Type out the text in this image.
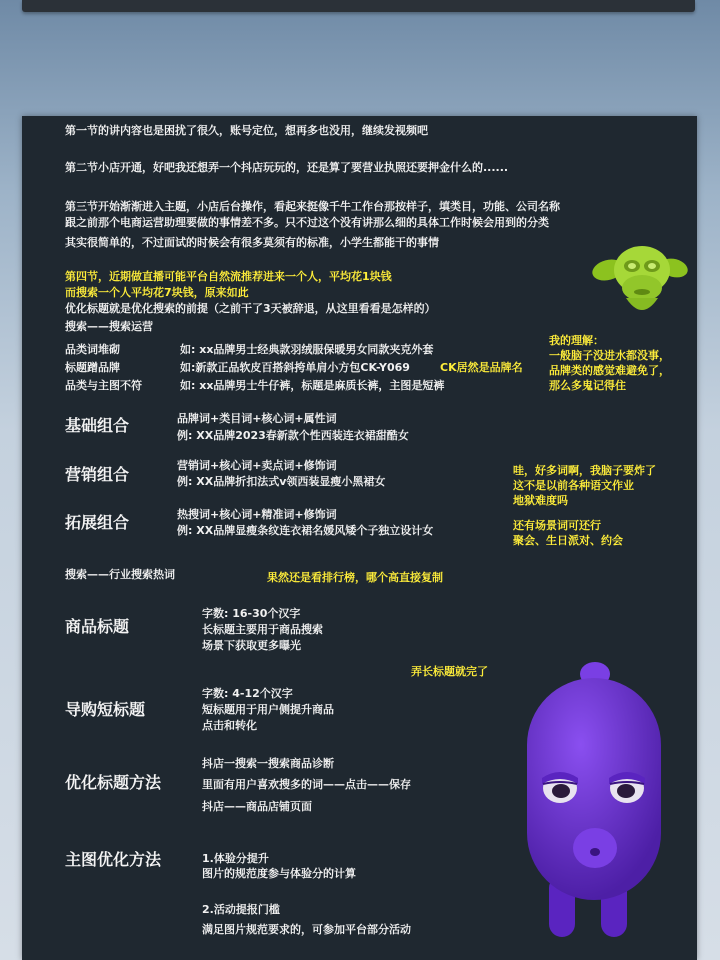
第一节的讲内容也是困扰了很久，账号定位，想再多也没用，继续发视频吧
第二节小店开通，好吧我还想弄一个抖店玩玩的，还是算了要营业执照还要押金什么的......
第三节开始渐渐进入主题，小店后台操作，看起来挺像千牛工作台那按样子，填类目，功能、公司名称
跟之前那个电商运营助理要做的事情差不多。只不过这个没有讲那么细的具体工作时候会用到的分类
其实很简单的，不过面试的时候会有很多莫须有的标准，小学生都能干的事情
第四节，近期做直播可能平台自然流推荐进来一个人，平均花1块钱
而搜索一个人平均花7块钱，原来如此
优化标题就是优化搜索的前提（之前干了3天被辞退，从这里看看是怎样的）
搜索——搜索运营
品类词堆砌	如: xx品牌男士经典款羽绒服保暖男女同款夹克外套
标题蹭品牌	如:新款正品软皮百搭斜挎单肩小方包CK-Y069	CK居然是品牌名
品类与主图不符	如: xx品牌男士牛仔裤，标题是麻质长裤，主图是短裤
我的理解：
一般脑子没进水都没事，
品牌类的感觉难避免了，
那么多鬼记得住
基础组合	品牌词+类目词+核心词+属性词
例: XX品牌2023春新款个性西装连衣裙甜酷女
营销组合	营销词+核心词+卖点词+修饰词
例: XX品牌折扣法式v领西装显瘦小黑裙女
拓展组合	热搜词+核心词+精准词+修饰词
例: XX品牌显瘦条纹连衣裙名媛风矮个子独立设计女
哇，好多词啊，我脑子要炸了
这不是以前各种语文作业
地狱难度吗
还有场景词可还行
聚会、生日派对、约会
搜索——行业搜索热词	果然还是看排行榜，哪个高直接复制
商品标题
字数: 16-30个汉字
长标题主要用于商品搜索
场景下获取更多曝光
弄长标题就完了
导购短标题
字数: 4-12个汉字
短标题用于用户侧提升商品
点击和转化
优化标题方法
抖店一搜索一搜索商品诊断
里面有用户喜欢搜多的词——点击——保存
抖店——商品店铺页面
主图优化方法	1.体验分提升
图片的规范度参与体验分的计算
2.活动提报门槛
满足图片规范要求的，可参加平台部分活动
